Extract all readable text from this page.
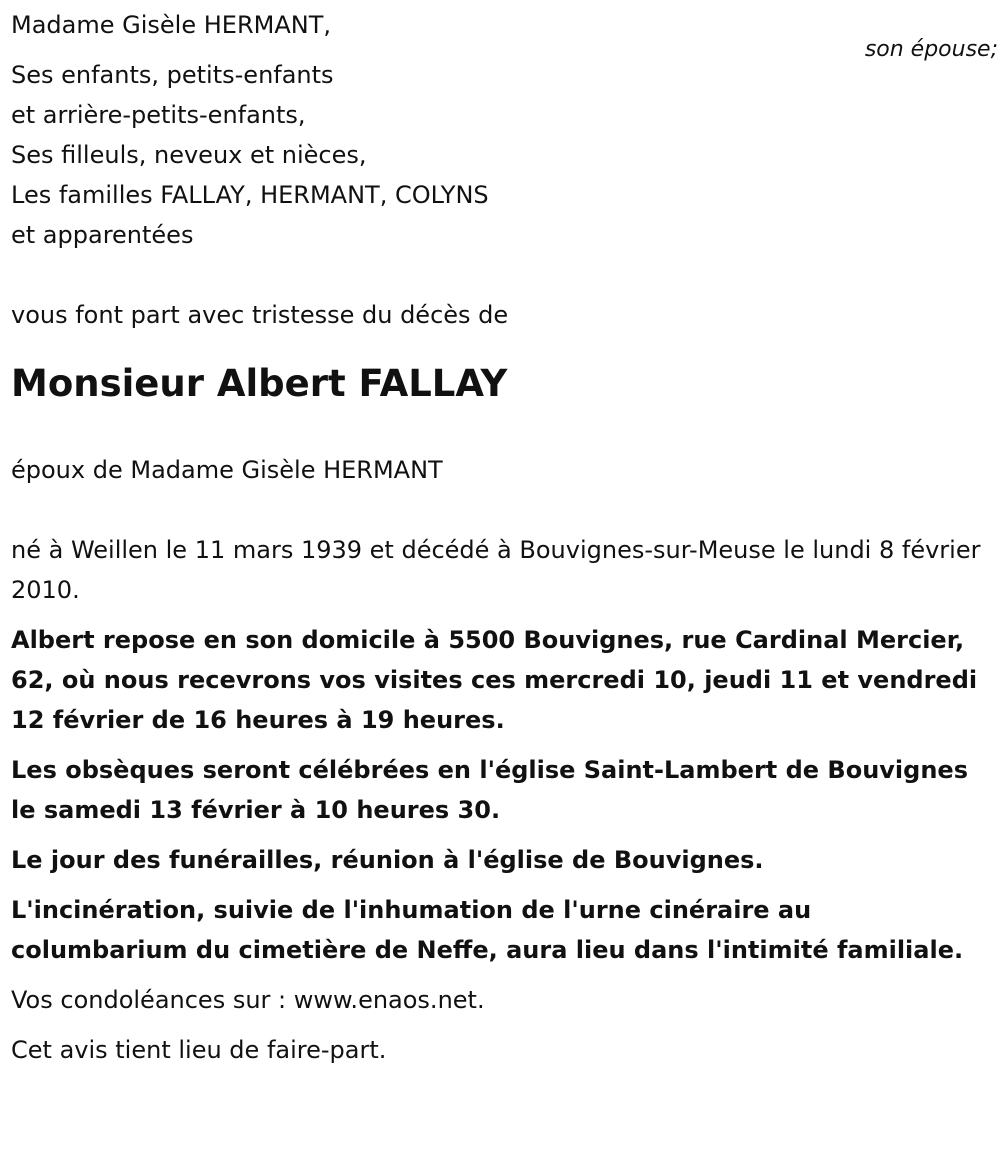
Madame Gisèle HERMANT,

Ses enfants, petits-enfants

et arrière-petits-enfants,

Ses filleuls, neveux et nièces,

Les familles FALLAY, HERMANT, COLYNS

et apparentées

vous font part avec tristesse du décès de

Monsieur Albert FALLAY

époux de Madame Gisèle HERMANT

né à Weillen le 11 mars 1939 et décédé à Bouvignes-sur-Meuse le lundi 8 février 2010.

Albert repose en son domicile à 5500 Bouvignes, rue Cardinal Mercier, 62, où nous recevrons vos visites ces mercredi 10, jeudi 11 et vendredi 12 février de 16 heures à 19 heures.

Les obsèques seront célébrées en l'église Saint-Lambert de Bouvignes le samedi 13 février à 10 heures 30.

Le jour des funérailles, réunion à l'église de Bouvignes.

L'incinération, suivie de l'inhumation de l'urne cinéraire au columbarium du cimetière de Neffe, aura lieu dans l'intimité familiale.

Vos condoléances sur : www.enaos.net.

Cet avis tient lieu de faire-part.

son épouse;
